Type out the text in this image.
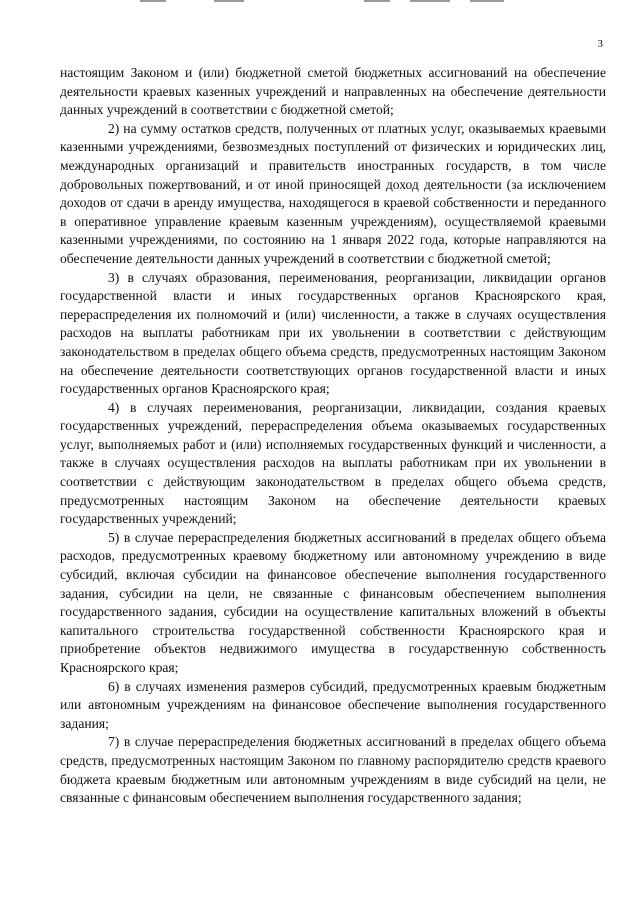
3

настоящим Законом и (или) бюджетной сметой бюджетных ассигнований на обеспечение деятельности краевых казенных учреждений и направленных на обеспечение деятельности данных учреждений в соответствии с бюджетной сметой;

2) на сумму остатков средств, полученных от платных услуг, оказываемых краевыми казенными учреждениями, безвозмездных поступлений от физических и юридических лиц, международных организаций и правительств иностранных государств, в том числе добровольных пожертвований, и от иной приносящей доход деятельности (за исключением доходов от сдачи в аренду имущества, находящегося в краевой собственности и переданного в оперативное управление краевым казенным учреждениям), осуществляемой краевыми казенными учреждениями, по состоянию на 1 января 2022 года, которые направляются на обеспечение деятельности данных учреждений в соответствии с бюджетной сметой;

3) в случаях образования, переименования, реорганизации, ликвидации органов государственной власти и иных государственных органов Красноярского края, перераспределения их полномочий и (или) численности, а также в случаях осуществления расходов на выплаты работникам при их увольнении в соответствии с действующим законодательством в пределах общего объема средств, предусмотренных настоящим Законом на обеспечение деятельности соответствующих органов государственной власти и иных государственных органов Красноярского края;

4) в случаях переименования, реорганизации, ликвидации, создания краевых государственных учреждений, перераспределения объема оказываемых государственных услуг, выполняемых работ и (или) исполняемых государственных функций и численности, а также в случаях осуществления расходов на выплаты работникам при их увольнении в соответствии с действующим законодательством в пределах общего объема средств, предусмотренных настоящим Законом на обеспечение деятельности краевых государственных учреждений;

5) в случае перераспределения бюджетных ассигнований в пределах общего объема расходов, предусмотренных краевому бюджетному или автономному учреждению в виде субсидий, включая субсидии на финансовое обеспечение выполнения государственного задания, субсидии на цели, не связанные с финансовым обеспечением выполнения государственного задания, субсидии на осуществление капитальных вложений в объекты капитального строительства государственной собственности Красноярского края и приобретение объектов недвижимого имущества в государственную собственность Красноярского края;

6) в случаях изменения размеров субсидий, предусмотренных краевым бюджетным или автономным учреждениям на финансовое обеспечение выполнения государственного задания;

7) в случае перераспределения бюджетных ассигнований в пределах общего объема средств, предусмотренных настоящим Законом по главному распорядителю средств краевого бюджета краевым бюджетным или автономным учреждениям в виде субсидий на цели, не связанные с финансовым обеспечением выполнения государственного задания;
